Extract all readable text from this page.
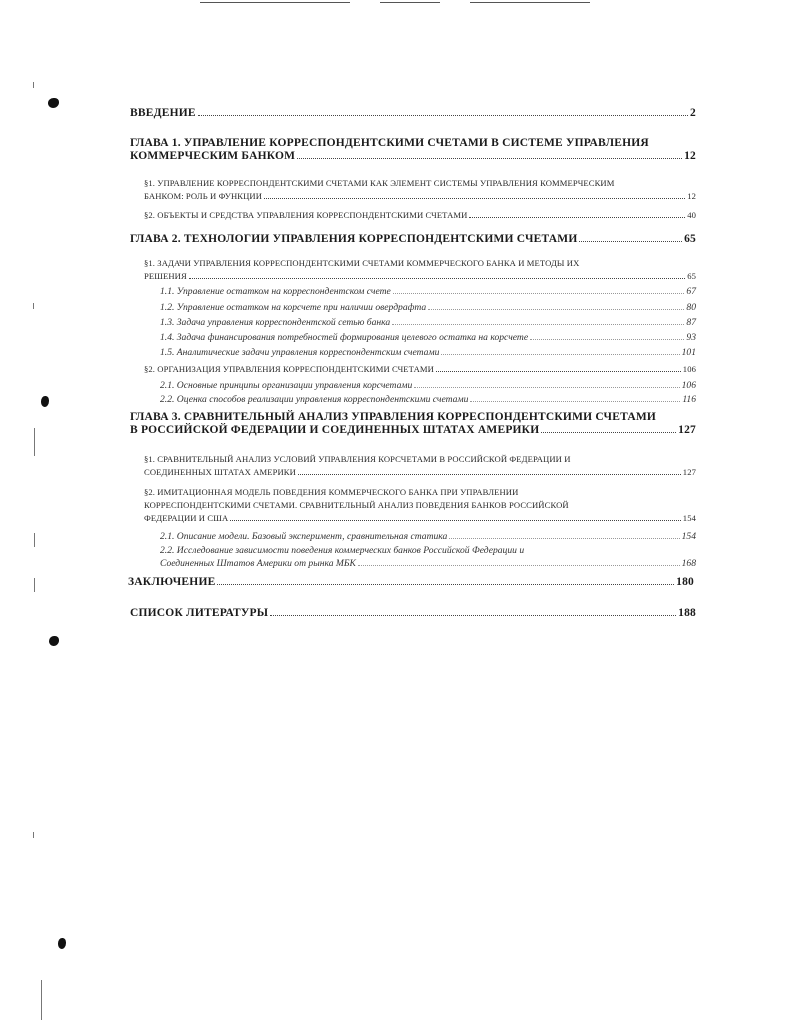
ВВЕДЕНИЕ	2
ГЛАВА 1. УПРАВЛЕНИЕ КОРРЕСПОНДЕНТСКИМИ СЧЕТАМИ В СИСТЕМЕ УПРАВЛЕНИЯ
КОММЕРЧЕСКИМ БАНКОМ	12
§1. УПРАВЛЕНИЕ КОРРЕСПОНДЕНТСКИМИ СЧЕТАМИ КАК ЭЛЕМЕНТ СИСТЕМЫ УПРАВЛЕНИЯ КОММЕРЧЕСКИМ
БАНКОМ: РОЛЬ И ФУНКЦИИ	12
§2. ОБЪЕКТЫ И СРЕДСТВА УПРАВЛЕНИЯ КОРРЕСПОНДЕНТСКИМИ СЧЕТАМИ	40
ГЛАВА 2. ТЕХНОЛОГИИ УПРАВЛЕНИЯ КОРРЕСПОНДЕНТСКИМИ СЧЕТАМИ	65
§1. ЗАДАЧИ УПРАВЛЕНИЯ КОРРЕСПОНДЕНТСКИМИ СЧЕТАМИ КОММЕРЧЕСКОГО БАНКА И МЕТОДЫ ИХ
РЕШЕНИЯ	65
1.1. Управление остатком на корреспондентском счете	67
1.2. Управление остатком на корсчете при наличии овердрафта	80
1.3. Задача управления корреспондентской сетью банка	87
1.4. Задача финансирования потребностей формирования целевого остатка на корсчете	93
1.5. Аналитические задачи управления корреспондентским счетами	101
§2. ОРГАНИЗАЦИЯ УПРАВЛЕНИЯ КОРРЕСПОНДЕНТСКИМИ СЧЕТАМИ	106
2.1. Основные принципы организации управления корсчетами	106
2.2. Оценка способов реализации управления корреспондентскими счетами	116
ГЛАВА 3. СРАВНИТЕЛЬНЫЙ АНАЛИЗ УПРАВЛЕНИЯ КОРРЕСПОНДЕНТСКИМИ СЧЕТАМИ
В РОССИЙСКОЙ ФЕДЕРАЦИИ И СОЕДИНЕННЫХ ШТАТАХ АМЕРИКИ	127
§1. СРАВНИТЕЛЬНЫЙ АНАЛИЗ УСЛОВИЙ УПРАВЛЕНИЯ КОРСЧЕТАМИ В РОССИЙСКОЙ ФЕДЕРАЦИИ И
СОЕДИНЕННЫХ ШТАТАХ АМЕРИКИ	127
§2. ИМИТАЦИОННАЯ МОДЕЛЬ ПОВЕДЕНИЯ КОММЕРЧЕСКОГО БАНКА ПРИ УПРАВЛЕНИИ
КОРРЕСПОНДЕНТСКИМИ СЧЕТАМИ. СРАВНИТЕЛЬНЫЙ АНАЛИЗ ПОВЕДЕНИЯ БАНКОВ РОССИЙСКОЙ
ФЕДЕРАЦИИ И США	154
2.1. Описание модели. Базовый эксперимент, сравнительная статика	154
2.2. Исследование зависимости поведения коммерческих банков Российской Федерации и
Соединенных Штатов Америки от рынка МБК	168
ЗАКЛЮЧЕНИЕ	180
СПИСОК ЛИТЕРАТУРЫ	188
